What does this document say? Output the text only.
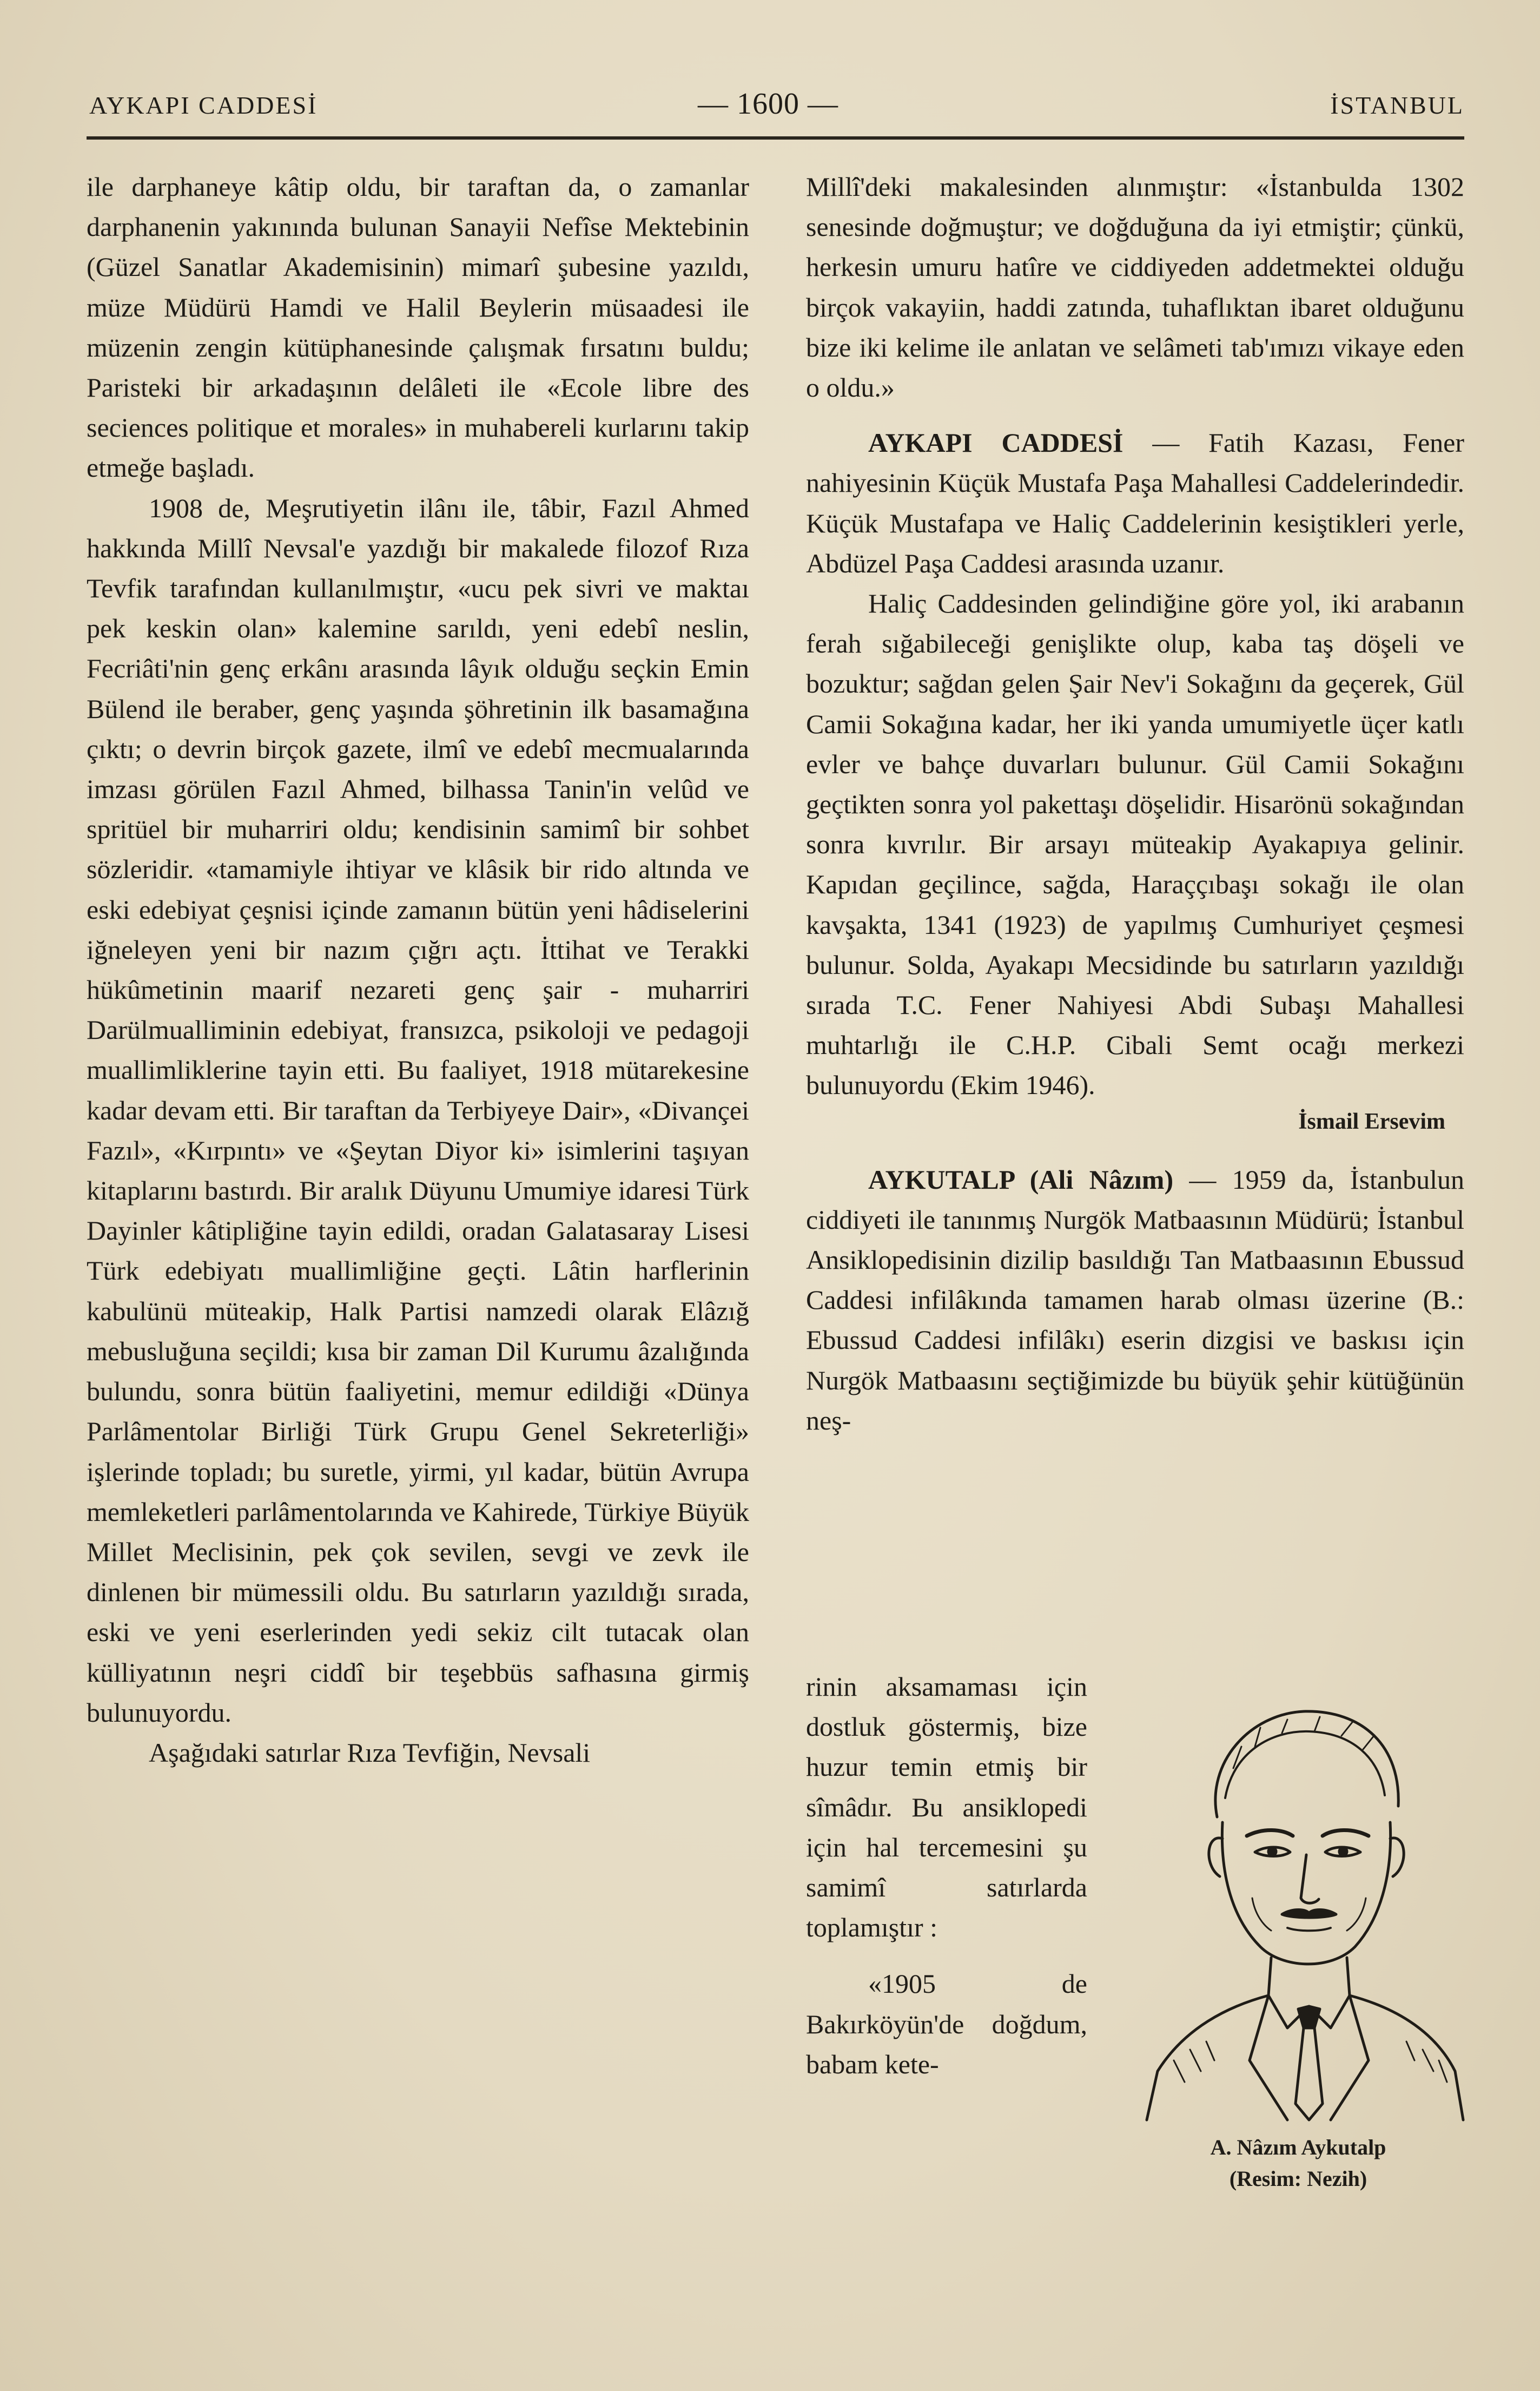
AYKAPI CADDESİ	— 1600 —	İSTANBUL

ile darphaneye kâtip oldu, bir taraftan da, o zamanlar darphanenin yakınında bulunan Sanayii Nefîse Mektebinin (Güzel Sanatlar Akademisinin) mimarî şubesine yazıldı, müze Müdürü Hamdi ve Halil Beylerin müsaadesi ile müzenin zengin kütüphanesinde çalışmak fırsatını buldu; Paristeki bir arkadaşının delâleti ile «Ecole libre des seciences politique et morales» in muhabereli kurlarını takip etmeğe başladı.

1908 de, Meşrutiyetin ilânı ile, tâbir, Fazıl Ahmed hakkında Millî Nevsal'e yazdığı bir makalede filozof Rıza Tevfik tarafından kullanılmıştır, «ucu pek sivri ve maktaı pek keskin olan» kalemine sarıldı, yeni edebî neslin, Fecriâti'nin genç erkânı arasında lâyık olduğu seçkin Emin Bülend ile beraber, genç yaşında şöhretinin ilk basamağına çıktı; o devrin birçok gazete, ilmî ve edebî mecmualarında imzası görülen Fazıl Ahmed, bilhassa Tanin'in velûd ve spritüel bir muharriri oldu; kendisinin samimî bir sohbet sözleridir. «tamamiyle ihtiyar ve klâsik bir rido altında ve eski edebiyat çeşnisi içinde zamanın bütün yeni hâdiselerini iğneleyen yeni bir nazım çığrı açtı. İttihat ve Terakki hükûmetinin maarif nezareti genç şair - muharriri Darülmualliminin edebiyat, fransızca, psikoloji ve pedagoji muallimliklerine tayin etti. Bu faaliyet, 1918 mütarekesine kadar devam etti. Bir taraftan da Terbiyeye Dair», «Divançei Fazıl», «Kırpıntı» ve «Şeytan Diyor ki» isimlerini taşıyan kitaplarını bastırdı. Bir aralık Düyunu Umumiye idaresi Türk Dayinler kâtipliğine tayin edildi, oradan Galatasaray Lisesi Türk edebiyatı muallimliğine geçti. Lâtin harflerinin kabulünü müteakip, Halk Partisi namzedi olarak Elâzığ mebusluğuna seçildi; kısa bir zaman Dil Kurumu âzalığında bulundu, sonra bütün faaliyetini, memur edildiği «Dünya Parlâmentolar Birliği Türk Grupu Genel Sekreterliği» işlerinde topladı; bu suretle, yirmi, yıl kadar, bütün Avrupa memleketleri parlâmentolarında ve Kahirede, Türkiye Büyük Millet Meclisinin, pek çok sevilen, sevgi ve zevk ile dinlenen bir mümessili oldu. Bu satırların yazıldığı sırada, eski ve yeni eserlerinden yedi sekiz cilt tutacak olan külliyatının neşri ciddî bir teşebbüs safhasına girmiş bulunuyordu.

Aşağıdaki satırlar Rıza Tevfiğin, Nevsali

Millî'deki makalesinden alınmıştır: «İstanbulda 1302 senesinde doğmuştur; ve doğduğuna da iyi etmiştir; çünkü, herkesin umuru hatîre ve ciddiyeden addetmektei olduğu birçok vakayiin, haddi zatında, tuhaflıktan ibaret olduğunu bize iki kelime ile anlatan ve selâmeti tab'ımızı vikaye eden o oldu.»

AYKAPI CADDESİ — Fatih Kazası, Fener nahiyesinin Küçük Mustafa Paşa Mahallesi Caddelerindedir. Küçük Mustafapa ve Haliç Caddelerinin kesiştikleri yerle, Abdüzel Paşa Caddesi arasında uzanır.

Haliç Caddesinden gelindiğine göre yol, iki arabanın ferah sığabileceği genişlikte olup, kaba taş döşeli ve bozuktur; sağdan gelen Şair Nev'i Sokağını da geçerek, Gül Camii Sokağına kadar, her iki yanda umumiyetle üçer katlı evler ve bahçe duvarları bulunur. Gül Camii Sokağını geçtikten sonra yol pakettaşı döşelidir. Hisarönü sokağından sonra kıvrılır. Bir arsayı müteakip Ayakapıya gelinir. Kapıdan geçilince, sağda, Haraççıbaşı sokağı ile olan kavşakta, 1341 (1923) de yapılmış Cumhuriyet çeşmesi bulunur. Solda, Ayakapı Mecsidinde bu satırların yazıldığı sırada T.C. Fener Nahiyesi Abdi Subaşı Mahallesi muhtarlığı ile C.H.P. Cibali Semt ocağı merkezi bulunuyordu (Ekim 1946).

İsmail Ersevim

AYKUTALP (Ali Nâzım) — 1959 da, İstanbulun ciddiyeti ile tanınmış Nurgök Matbaasının Müdürü; İstanbul Ansiklopedisinin dizilip basıldığı Tan Matbaasının Ebussud Caddesi infilâkında tamamen harab olması üzerine (B.: Ebussud Caddesi infilâkı) eserin dizgisi ve baskısı için Nurgök Matbaasını seçtiğimizde bu büyük şehir kütüğünün neş-

rinin aksamaması için dostluk göstermiş, bize huzur temin etmiş bir sîmâdır. Bu ansiklopedi için hal tercemesini şu samimî satırlarda toplamıştır :

«1905 de Bakırköyün'de doğdum, babam kete-

A. Nâzım Aykutalp
(Resim: Nezih)
